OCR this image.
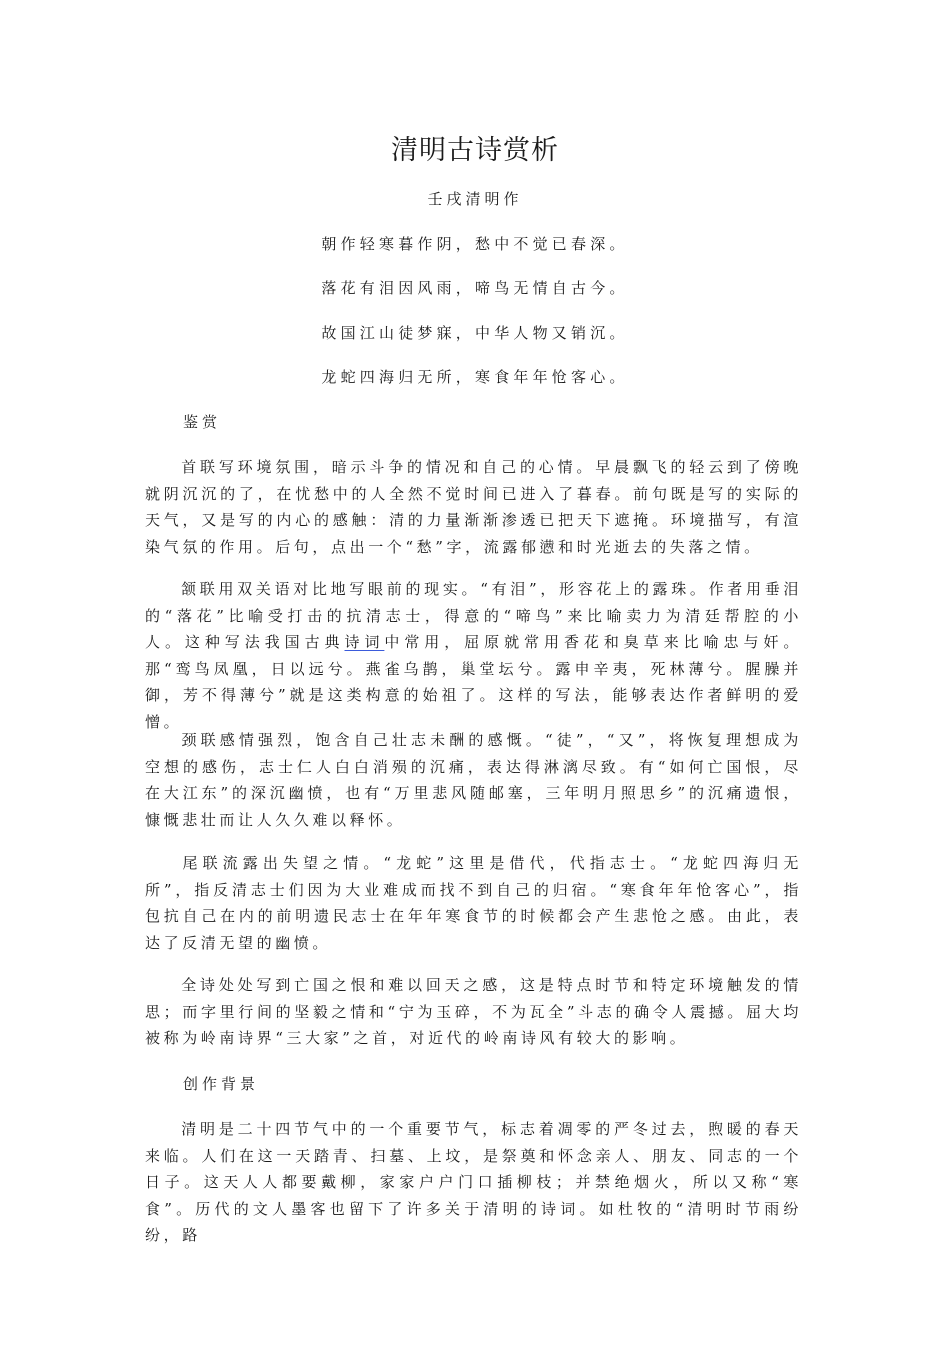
清明古诗赏析
壬戌清明作
朝作轻寒暮作阴，愁中不觉已春深。
落花有泪因风雨，啼鸟无情自古今。
故国江山徒梦寐，中华人物又销沉。
龙蛇四海归无所，寒食年年怆客心。
鉴赏

首联写环境氛围，暗示斗争的情况和自己的心情。早晨飘飞的轻云到了傍晚就阴沉沉的了，在忧愁中的人全然不觉时间已进入了暮春。前句既是写的实际的天气，又是写的内心的感触：清的力量渐渐渗透已把天下遮掩。环境描写，有渲染气氛的作用。后句，点出一个“愁”字，流露郁懑和时光逝去的失落之情。

颔联用双关语对比地写眼前的现实。“有泪”，形容花上的露珠。作者用垂泪的“落花”比喻受打击的抗清志士，得意的“啼鸟”来比喻卖力为清廷帮腔的小人。这种写法我国古典诗词中常用，屈原就常用香花和臭草来比喻忠与奸。那“鸾鸟凤凰，日以远兮。燕雀乌鹊，巢堂坛兮。露申辛夷，死林薄兮。腥臊并御，芳不得薄兮”就是这类构意的始祖了。这样的写法，能够表达作者鲜明的爱憎。

颈联感情强烈，饱含自己壮志未酬的感慨。“徒”，“又”，将恢复理想成为空想的感伤，志士仁人白白消殒的沉痛，表达得淋漓尽致。有“如何亡国恨，尽在大江东”的深沉幽愤，也有“万里悲风随邮塞，三年明月照思乡”的沉痛遗恨，慷慨悲壮而让人久久难以释怀。

尾联流露出失望之情。“龙蛇”这里是借代，代指志士。“龙蛇四海归无所”，指反清志士们因为大业难成而找不到自己的归宿。“寒食年年怆客心”，指包抗自己在内的前明遗民志士在年年寒食节的时候都会产生悲怆之感。由此，表达了反清无望的幽愤。

全诗处处写到亡国之恨和难以回天之感，这是特点时节和特定环境触发的情思；而字里行间的坚毅之情和“宁为玉碎，不为瓦全”斗志的确令人震撼。屈大均被称为岭南诗界“三大家”之首，对近代的岭南诗风有较大的影响。

创作背景

清明是二十四节气中的一个重要节气，标志着凋零的严冬过去，煦暖的春天来临。人们在这一天踏青、扫墓、上坟，是祭奠和怀念亲人、朋友、同志的一个日子。这天人人都要戴柳，家家户户门口插柳枝；并禁绝烟火，所以又称“寒食”。历代的文人墨客也留下了许多关于清明的诗词。如杜牧的“清明时节雨纷纷，路
